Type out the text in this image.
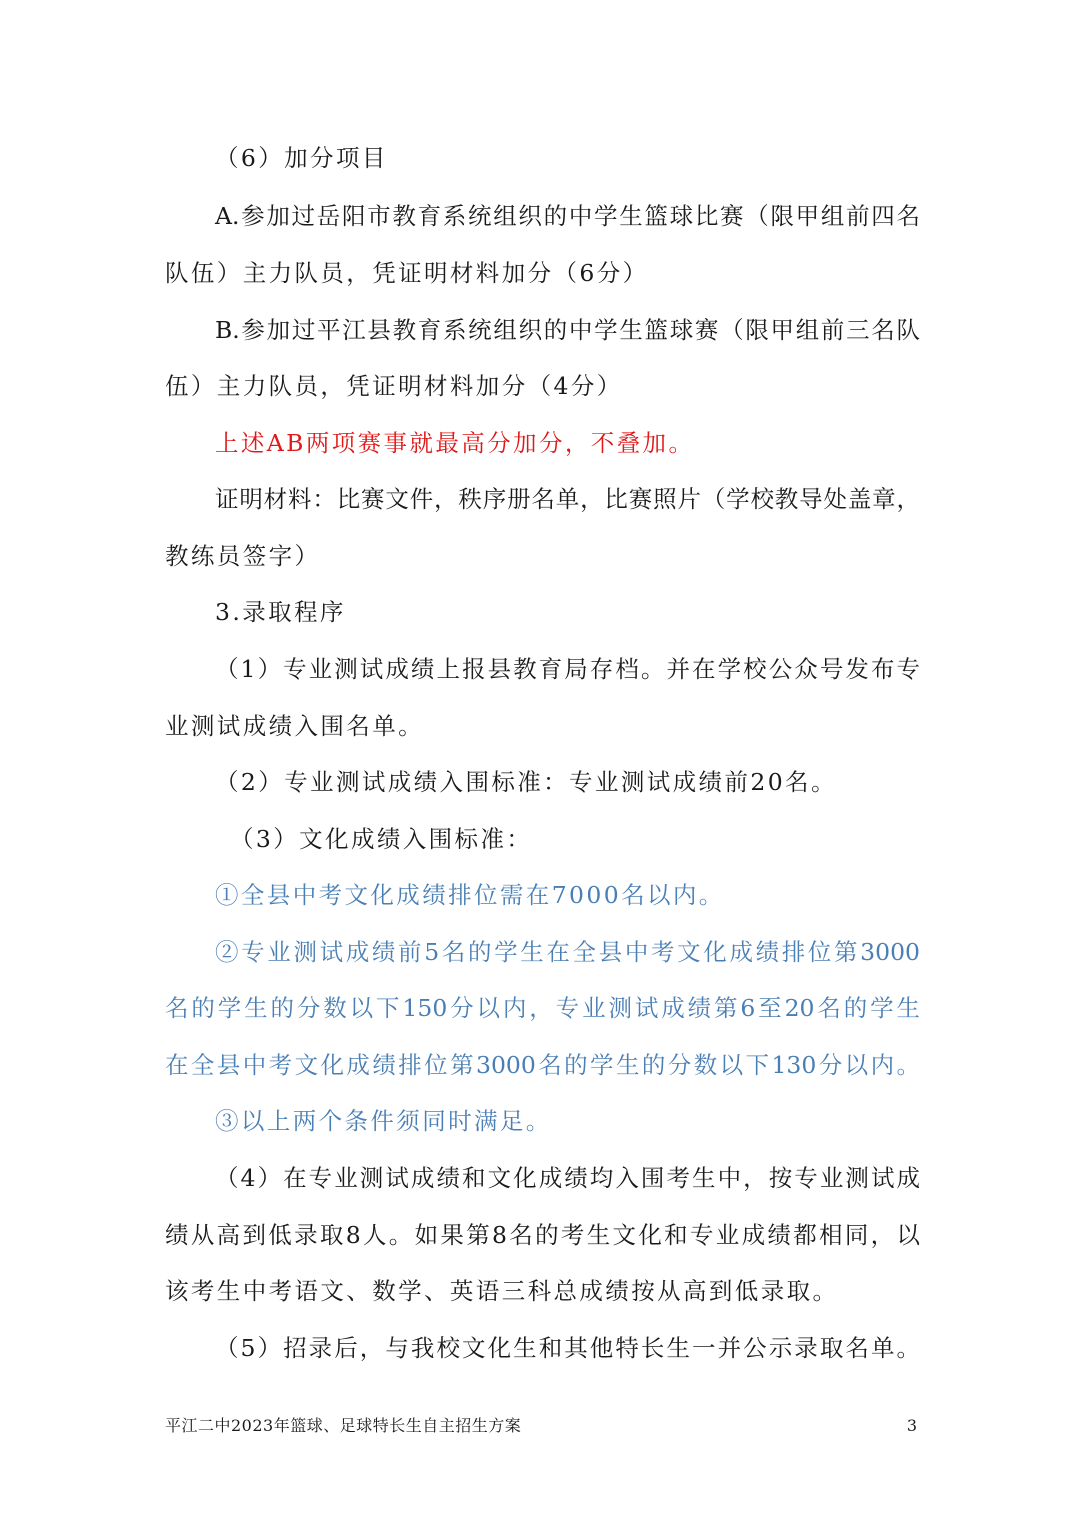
（6）加分项目
A.参加过岳阳市教育系统组织的中学生篮球比赛（限甲组前四名
队伍）主力队员，凭证明材料加分（6分）
B.参加过平江县教育系统组织的中学生篮球赛（限甲组前三名队
伍）主力队员，凭证明材料加分（4分）
上述AB两项赛事就最高分加分，不叠加。
证明材料：比赛文件，秩序册名单，比赛照片（学校教导处盖章，
教练员签字）
3.录取程序
（1）专业测试成绩上报县教育局存档。并在学校公众号发布专
业测试成绩入围名单。
（2）专业测试成绩入围标准：专业测试成绩前20名。
（3）文化成绩入围标准：
①全县中考文化成绩排位需在7000名以内。
②专业测试成绩前5名的学生在全县中考文化成绩排位第3000
名的学生的分数以下150分以内，专业测试成绩第6至20名的学生
在全县中考文化成绩排位第3000名的学生的分数以下130分以内。
③以上两个条件须同时满足。
（4）在专业测试成绩和文化成绩均入围考生中，按专业测试成
绩从高到低录取8人。如果第8名的考生文化和专业成绩都相同，以
该考生中考语文、数学、英语三科总成绩按从高到低录取。
（5）招录后，与我校文化生和其他特长生一并公示录取名单。
平江二中2023年篮球、足球特长生自主招生方案	3
